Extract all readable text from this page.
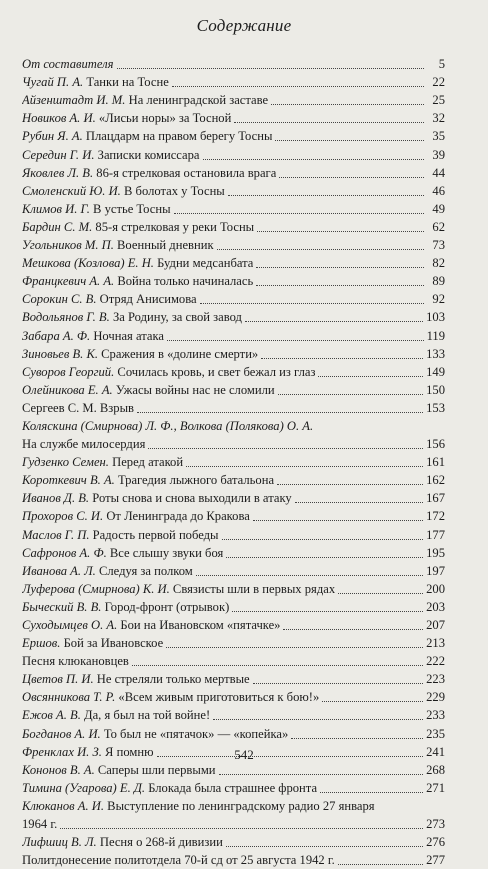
Содержание
От составителя	5
Чугай П. А. Танки на Тосне	22
Айзенштадт И. М. На ленинградской заставе	25
Новиков А. И. «Лисьи норы» за Тосной	32
Рубин Я. А. Плацдарм на правом берегу Тосны	35
Середин Г. И. Записки комиссара	39
Яковлев Л. В. 86-я стрелковая остановила врага	44
Смоленский Ю. И. В болотах у Тосны	46
Климов И. Г. В устье Тосны	49
Бардин С. М. 85-я стрелковая у реки Тосны	62
Угольников М. П. Военный дневник	73
Мешкова (Козлова) Е. Н. Будни медсанбата	82
Францкевич А. А. Война только начиналась	89
Сорокин С. В. Отряд Анисимова	92
Водольянов Г. В. За Родину, за свой завод	103
Забара А. Ф. Ночная атака	119
Зиновьев В. К. Сражения в «долине смерти»	133
Суворов Георгий. Сочилась кровь, и свет бежал из глаз	149
Олейникова Е. А. Ужасы войны нас не сломили	150
Сергеев С. М. Взрыв	153
Коляскина (Смирнова) Л. Ф., Волкова (Полякова) О. А.
На службе милосердия	156
Гудзенко Семен. Перед атакой	161
Короткевич В. А. Трагедия лыжного батальона	162
Иванов Д. В. Роты снова и снова выходили в атаку	167
Прохоров С. И. От Ленинграда до Кракова	172
Маслов Г. П. Радость первой победы	177
Сафронов А. Ф. Все слышу звуки боя	195
Иванова А. Л. Следуя за полком	197
Луферова (Смирнова) К. И. Связисты шли в первых рядах	200
Быческий В. В. Город-фронт (отрывок)	203
Суходымцев О. А. Бои на Ивановском «пятачке»	207
Ершов. Бой за Ивановское	213
Песня клюкановцев	222
Цветов П. И. Не стреляли только мертвые	223
Овсянникова Т. Р. «Всем живым приготовиться к бою!»	229
Ежов А. В. Да, я был на той войне!	233
Богданов А. И. То был не «пятачок» — «копейка»	235
Френклах И. З. Я помню	241
Кононов В. А. Саперы шли первыми	268
Тимина (Угарова) Е. Д. Блокада была страшнее фронта	271
Клюканов А. И. Выступление по ленинградскому радио 27 января
1964 г.	273
Лифшиц В. Л. Песня о 268-й дивизии	276
Политдонесение политотдела 70-й сд от 25 августа 1942 г.	277
542
